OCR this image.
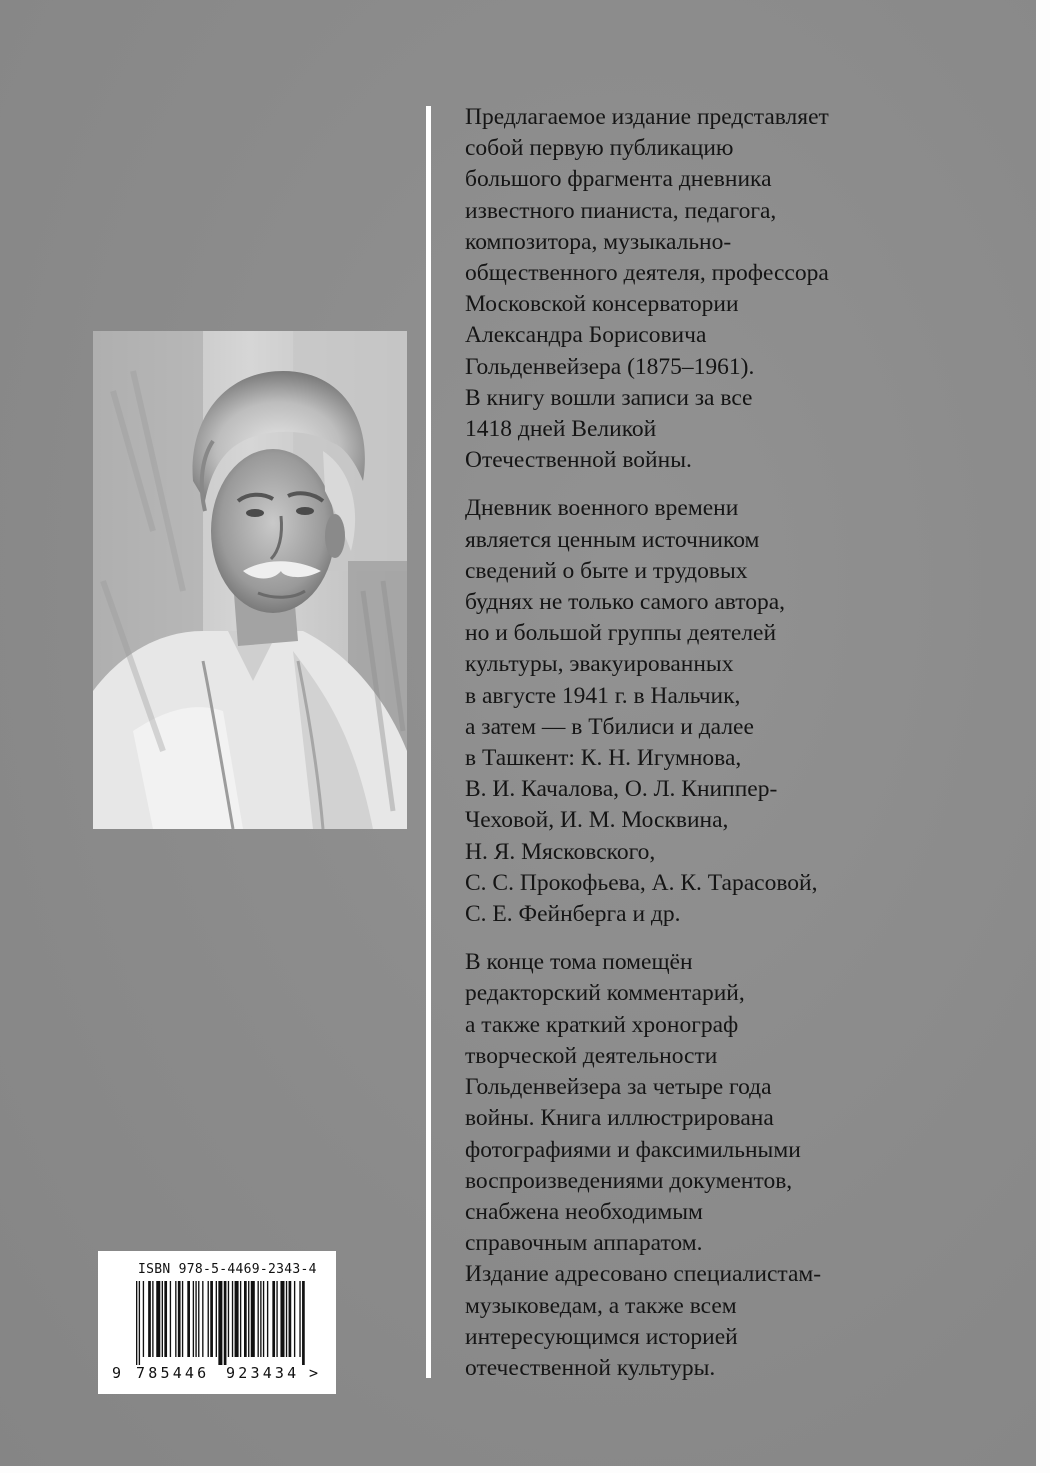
Предлагаемое издание представляет
собой первую публикацию
большого фрагмента дневника
известного пианиста, педагога,
композитора, музыкально-
общественного деятеля, профессора
Московской консерватории
Александра Борисовича
Гольденвейзера (1875–1961).
В книгу вошли записи за все
1418 дней Великой
Отечественной войны.
Дневник военного времени
является ценным источником
сведений о быте и трудовых
буднях не только самого автора,
но и большой группы деятелей
культуры, эвакуированных
в августе 1941 г. в Нальчик,
а затем — в Тбилиси и далее
в Ташкент: К. Н. Игумнова,
В. И. Качалова, О. Л. Книппер-
Чеховой, И. М. Москвина,
Н. Я. Мясковского,
С. С. Прокофьева, А. К. Тарасовой,
С. Е. Фейнберга и др.
В конце тома помещён
редакторский комментарий,
а также краткий хронограф
творческой деятельности
Гольденвейзера за четыре года
войны. Книга иллюстрирована
фотографиями и факсимильными
воспроизведениями документов,
снабжена необходимым
справочным аппаратом.
Издание адресовано специалистам-
музыковедам, а также всем
интересующимся историей
отечественной культуры.
ISBN 978-5-4469-2343-4
9 785446 923434 >
